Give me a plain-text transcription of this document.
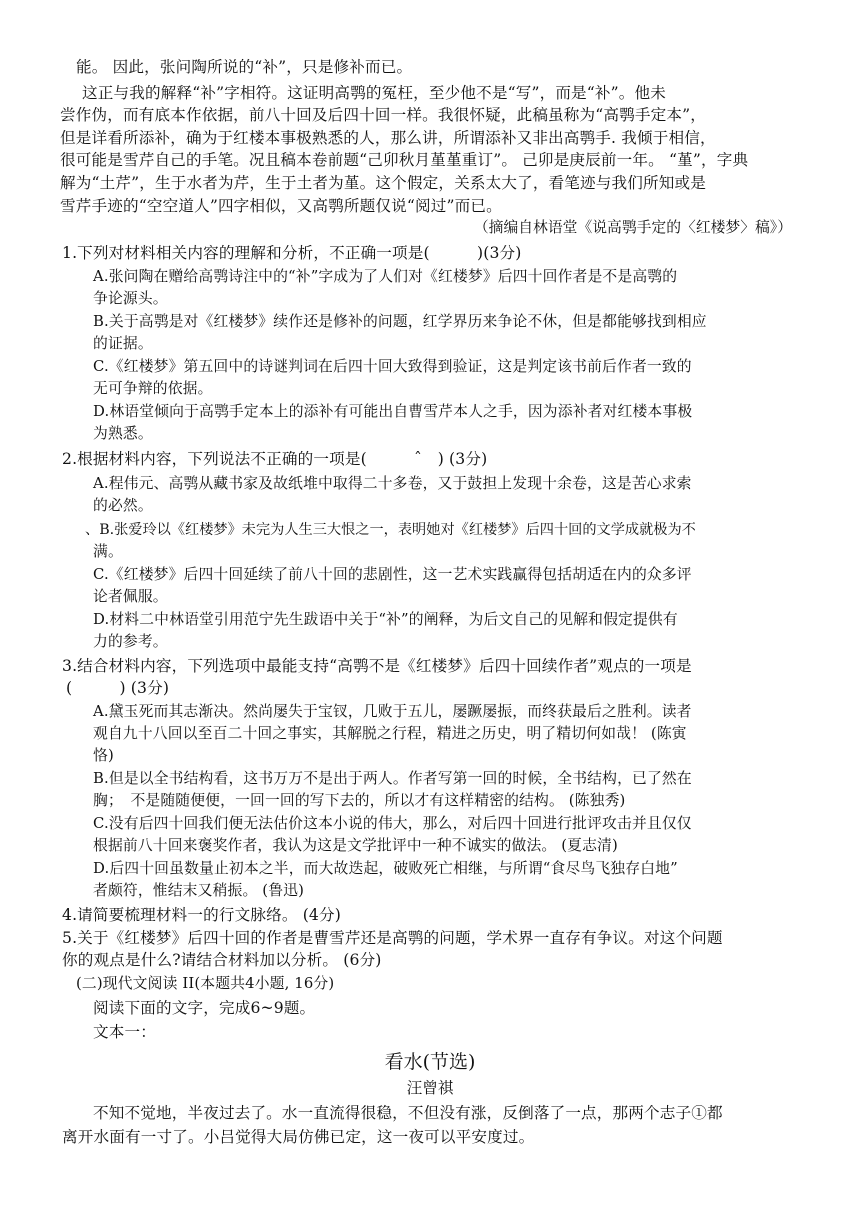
能。 因此，张问陶所说的“补”，只是修补而已。
这正与我的解释“补”字相符。这证明高鹗的冤枉，至少他不是“写”，而是“补”。他未
尝作伪，而有底本作依据，前八十回及后四十回一样。我很怀疑，此稿虽称为“高鹗手定本”，
但是详看所添补，确为于红楼本事极熟悉的人，那么讲，所谓添补又非出高鹗手. 我倾于相信，
很可能是雪芹自己的手笔。况且稿本卷前题“己卯秋月堇堇重订”。 己卯是庚辰前一年。 “堇”，字典
解为“土芹”，生于水者为芹，生于土者为堇。这个假定，关系太大了，看笔迹与我们所知或是
雪芹手迹的“空空道人”四字相似，又高鹗所题仅说“阅过”而已。
（摘编自林语堂《说高鹗手定的〈红楼梦〉稿》）
1.下列对材料相关内容的理解和分析，不正确一项是(　　　)(3分)
A.张问陶在赠给高鹗诗注中的“补”字成为了人们对《红楼梦》后四十回作者是不是高鹗的
争论源头。
B.关于高鹗是对《红楼梦》续作还是修补的问题，红学界历来争论不休，但是都能够找到相应
的证据。
C.《红楼梦》第五回中的诗谜判词在后四十回大致得到验证，这是判定该书前后作者一致的
无可争辩的依据。
D.林语堂倾向于高鹗手定本上的添补有可能出自曹雪芹本人之手，因为添补者对红楼本事极
为熟悉。
2.根据材料内容，下列说法不正确的一项是(　　　ˆ　) (3分)
A.程伟元、高鹗从藏书家及故纸堆中取得二十多卷，又于鼓担上发现十余卷，这是苦心求索
的必然。
、B.张爱玲以《红楼梦》未完为人生三大恨之一，表明她对《红楼梦》后四十回的文学成就极为不
满。
C.《红楼梦》后四十回延续了前八十回的悲剧性，这一艺术实践赢得包括胡适在内的众多评
论者佩服。
D.材料二中林语堂引用范宁先生跋语中关于“补”的阐释，为后文自己的见解和假定提供有
力的参考。
3.结合材料内容，下列选项中最能支持“高鹗不是《红楼梦》后四十回续作者”观点的一项是
(　　　) (3分)
A.黛玉死而其志渐决。然尚屡失于宝钗，几败于五儿，屡蹶屡振，而终获最后之胜利。读者
观自九十八回以至百二十回之事实，其解脱之行程，精进之历史，明了精切何如哉！ (陈寅
恪)
B.但是以全书结构看，这书万万不是出于两人。作者写第一回的时候，全书结构，已了然在
胸；　不是随随便便，一回一回的写下去的，所以才有这样精密的结构。 (陈独秀)
C.没有后四十回我们便无法估价这本小说的伟大，那么，对后四十回进行批评攻击并且仅仅
根据前八十回来褒奖作者，我认为这是文学批评中一种不诚实的做法。 (夏志清)
D.后四十回虽数量止初本之半，而大故迭起，破败死亡相继，与所谓“食尽鸟飞独存白地”
者颇符，惟结末又稍振。 (鲁迅)
4.请简要梳理材料一的行文脉络。 (4分)
5.关于《红楼梦》后四十回的作者是曹雪芹还是高鹗的问题，学术界一直存有争议。对这个问题
你的观点是什么?请结合材料加以分析。 (6分)
(二)现代文阅读 II(本题共4小题, 16分)
阅读下面的文字，完成6~9题。
文本一：
看水(节选)
汪曾祺
不知不觉地，半夜过去了。水一直流得很稳，不但没有涨，反倒落了一点，那两个志子①都
离开水面有一寸了。小吕觉得大局仿佛已定，这一夜可以平安度过。
